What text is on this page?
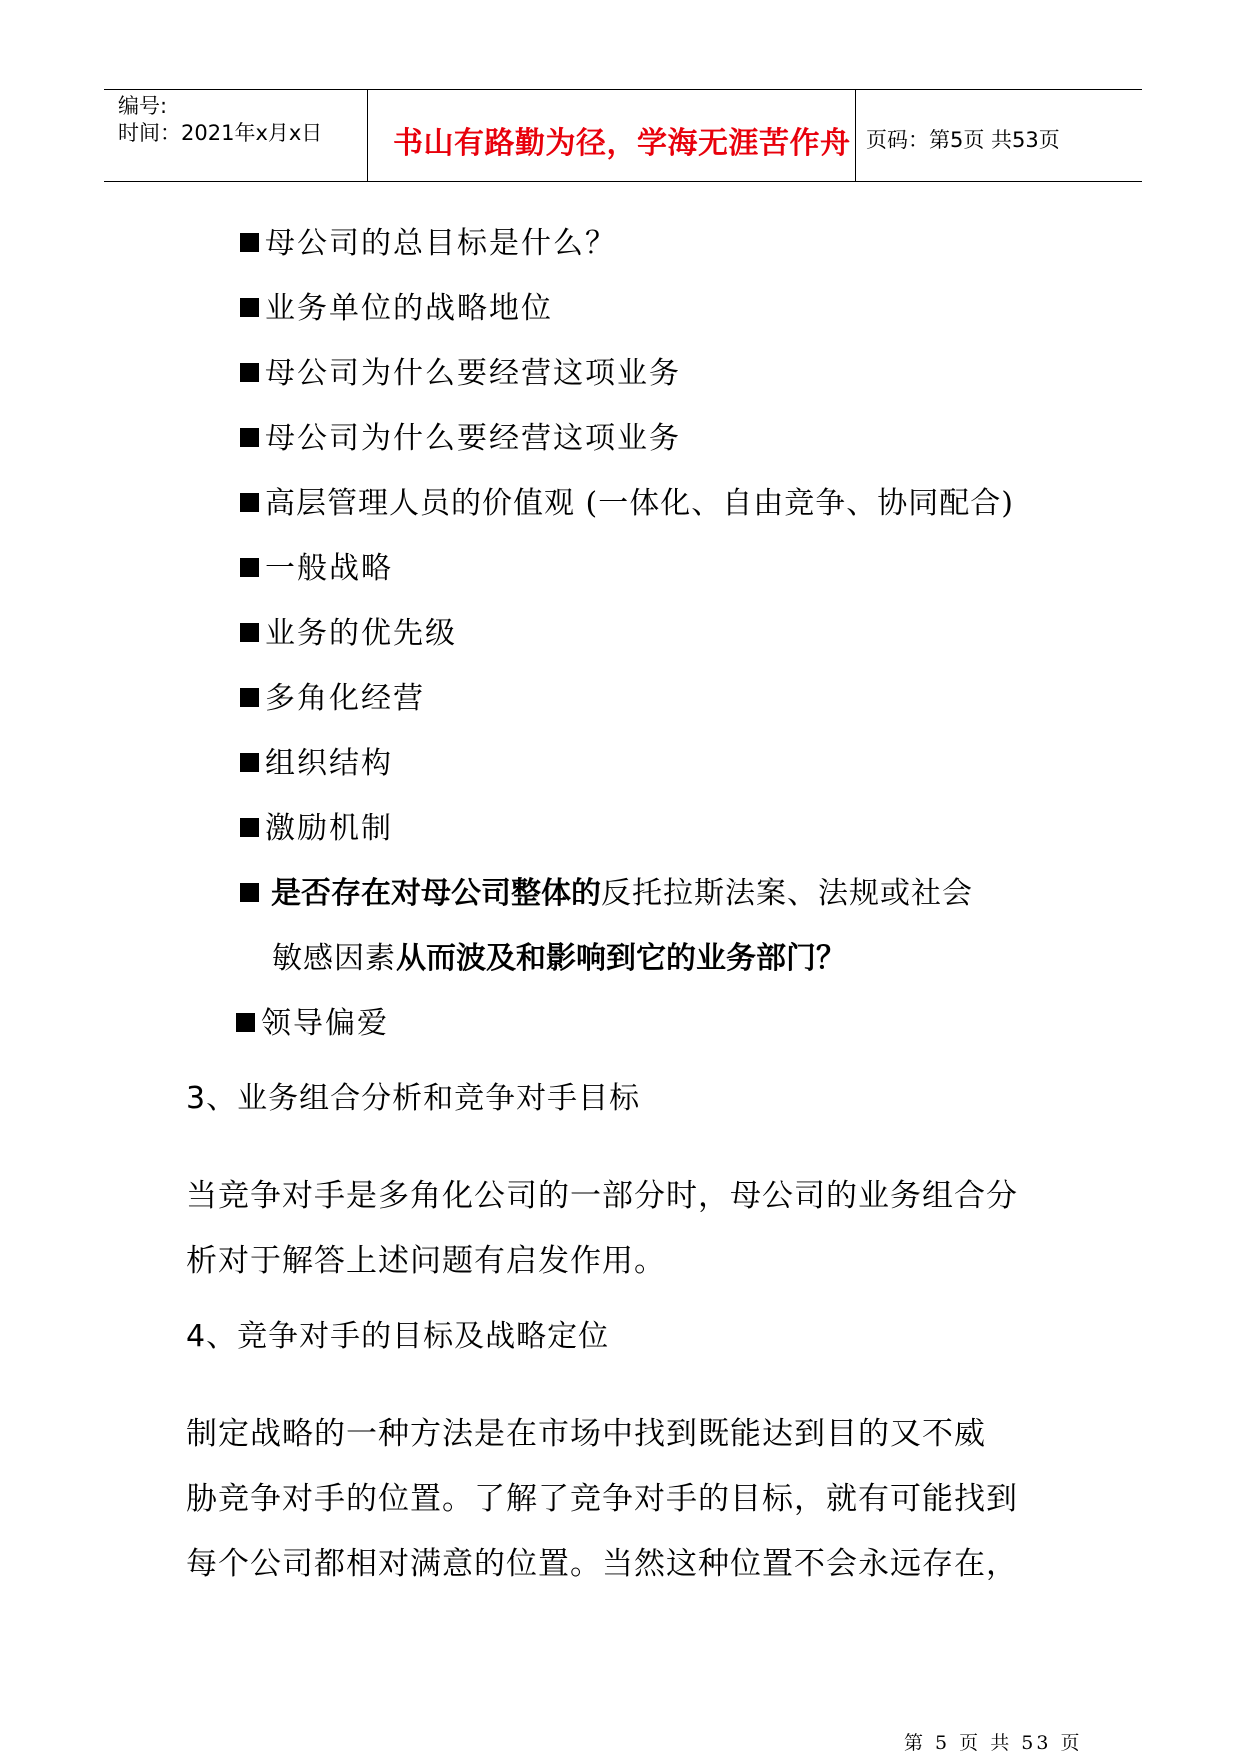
编号:
时间：2021年x月x日 书山有路勤为径，学海无涯苦作舟 页码：第5页 共53页
母公司的总目标是什么？
业务单位的战略地位
母公司为什么要经营这项业务
母公司为什么要经营这项业务
高层管理人员的价值观 (一体化、自由竞争、协同配合)
一般战略
业务的优先级
多角化经营
组织结构
激励机制
是否存在对母公司整体的反托拉斯法案、法规或社会
敏感因素从而波及和影响到它的业务部门？
领导偏爱
3、业务组合分析和竞争对手目标
当竞争对手是多角化公司的一部分时，母公司的业务组合分
析对于解答上述问题有启发作用。
4、竞争对手的目标及战略定位
制定战略的一种方法是在市场中找到既能达到目的又不威
胁竞争对手的位置。了解了竞争对手的目标，就有可能找到
每个公司都相对满意的位置。当然这种位置不会永远存在，
第 5 页 共 53 页
